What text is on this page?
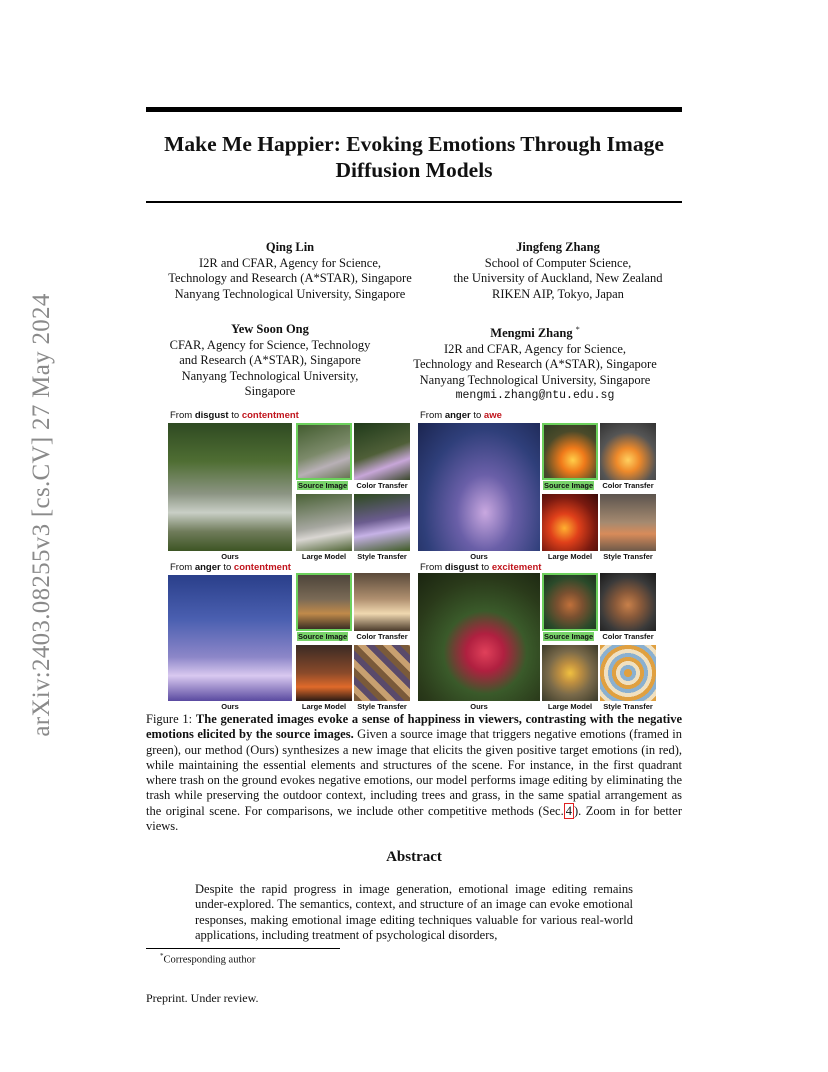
Make Me Happier: Evoking Emotions Through Image Diffusion Models
arXiv:2403.08255v3 [cs.CV] 27 May 2024
Qing Lin
I2R and CFAR, Agency for Science,
Technology and Research (A*STAR), Singapore
Nanyang Technological University, Singapore
Jingfeng Zhang
School of Computer Science,
the University of Auckland, New Zealand
RIKEN AIP, Tokyo, Japan
Yew Soon Ong
CFAR, Agency for Science, Technology
and Research (A*STAR), Singapore
Nanyang Technological University,
Singapore
Mengmi Zhang *
I2R and CFAR, Agency for Science,
Technology and Research (A*STAR), Singapore
Nanyang Technological University, Singapore
mengmi.zhang@ntu.edu.sg
From disgust to contentment
Ours
Source Image	Color Transfer
Large Model	Style Transfer
From anger to awe
Ours
Source Image	Color Transfer
Large Model	Style Transfer
From anger to contentment
Ours
Source Image	Color Transfer
Large Model	Style Transfer
From disgust to excitement
Ours
Source Image	Color Transfer
Large Model	Style Transfer
Figure 1: The generated images evoke a sense of happiness in viewers, contrasting with the negative emotions elicited by the source images. Given a source image that triggers negative emotions (framed in green), our method (Ours) synthesizes a new image that elicits the given positive target emotions (in red), while maintaining the essential elements and structures of the scene. For instance, in the first quadrant where trash on the ground evokes negative emotions, our model performs image editing by eliminating the trash while preserving the outdoor context, including trees and grass, in the same spatial arrangement as the original scene. For comparisons, we include other competitive methods (Sec. 4 ). Zoom in for better views.
Abstract
Despite the rapid progress in image generation, emotional image editing remains under-explored. The semantics, context, and structure of an image can evoke emotional responses, making emotional image editing techniques valuable for various real-world applications, including treatment of psychological disorders,
*Corresponding author
Preprint. Under review.
